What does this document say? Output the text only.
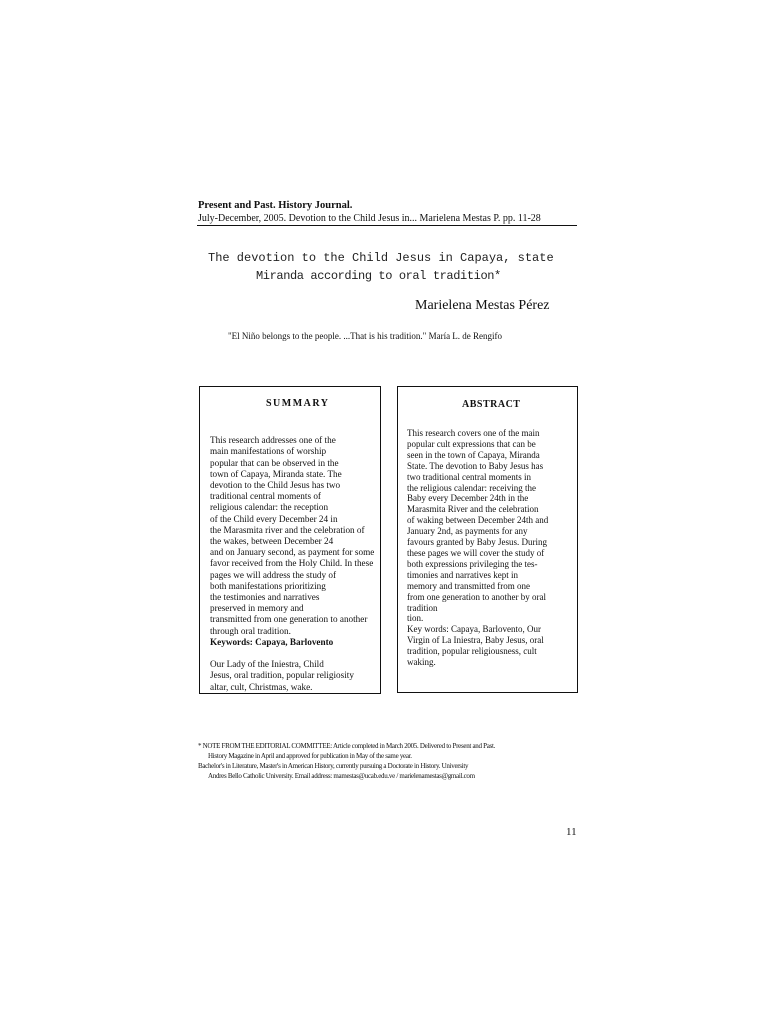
Present and Past. History Journal.
July-December, 2005. Devotion to the Child Jesus in... Marielena Mestas P. pp. 11-28
The devotion to the Child Jesus in Capaya, state
Miranda according to oral tradition*
Marielena Mestas Pérez
"El Niño belongs to the people. ...That is his tradition." María L. de Rengifo
SUMMARY

This research addresses one of the
main manifestations of worship
popular that can be observed in the
town of Capaya, Miranda state. The
devotion to the Child Jesus has two
traditional central moments of
religious calendar: the reception
of the Child every December 24 in
the Marasmita river and the celebration of
the wakes, between December 24
and on January second, as payment for some
favor received from the Holy Child. In these
pages we will address the study of
both manifestations prioritizing
the testimonies and narratives
preserved in memory and
transmitted from one generation to another
through oral tradition.

Keywords: Capaya, Barlovento

Our Lady of the Iniestra, Child
Jesus, oral tradition, popular religiosity
altar, cult, Christmas, wake.

ABSTRACT
This research covers one of the main
popular cult expressions that can be
seen in the town of Capaya, Miranda
State. The devotion to Baby Jesus has
two traditional central moments in
the religious calendar: receiving the
Baby every December 24th in the
Marasmita River and the celebration
of waking between December 24th and
January 2nd, as payments for any
favours granted by Baby Jesus. During
these pages we will cover the study of
both expressions privileging the tes-
timonies and narratives kept in
memory and transmitted from one
from one generation to another by oral tradition
tion.
Key words: Capaya, Barlovento, Our
Virgin of La Iniestra, Baby Jesus, oral
tradition, popular religiousness, cult
waking.
* NOTE FROM THE EDITORIAL COMMITTEE: Article completed in March 2005. Delivered to Present and Past.
History Magazine in April and approved for publication in May of the same year.
Bachelor's in Literature, Master's in American History, currently pursuing a Doctorate in History. University
Andres Bello Catholic University. Email address: mamestas@ucab.edu.ve / marielenamestas@gmail.com
11
